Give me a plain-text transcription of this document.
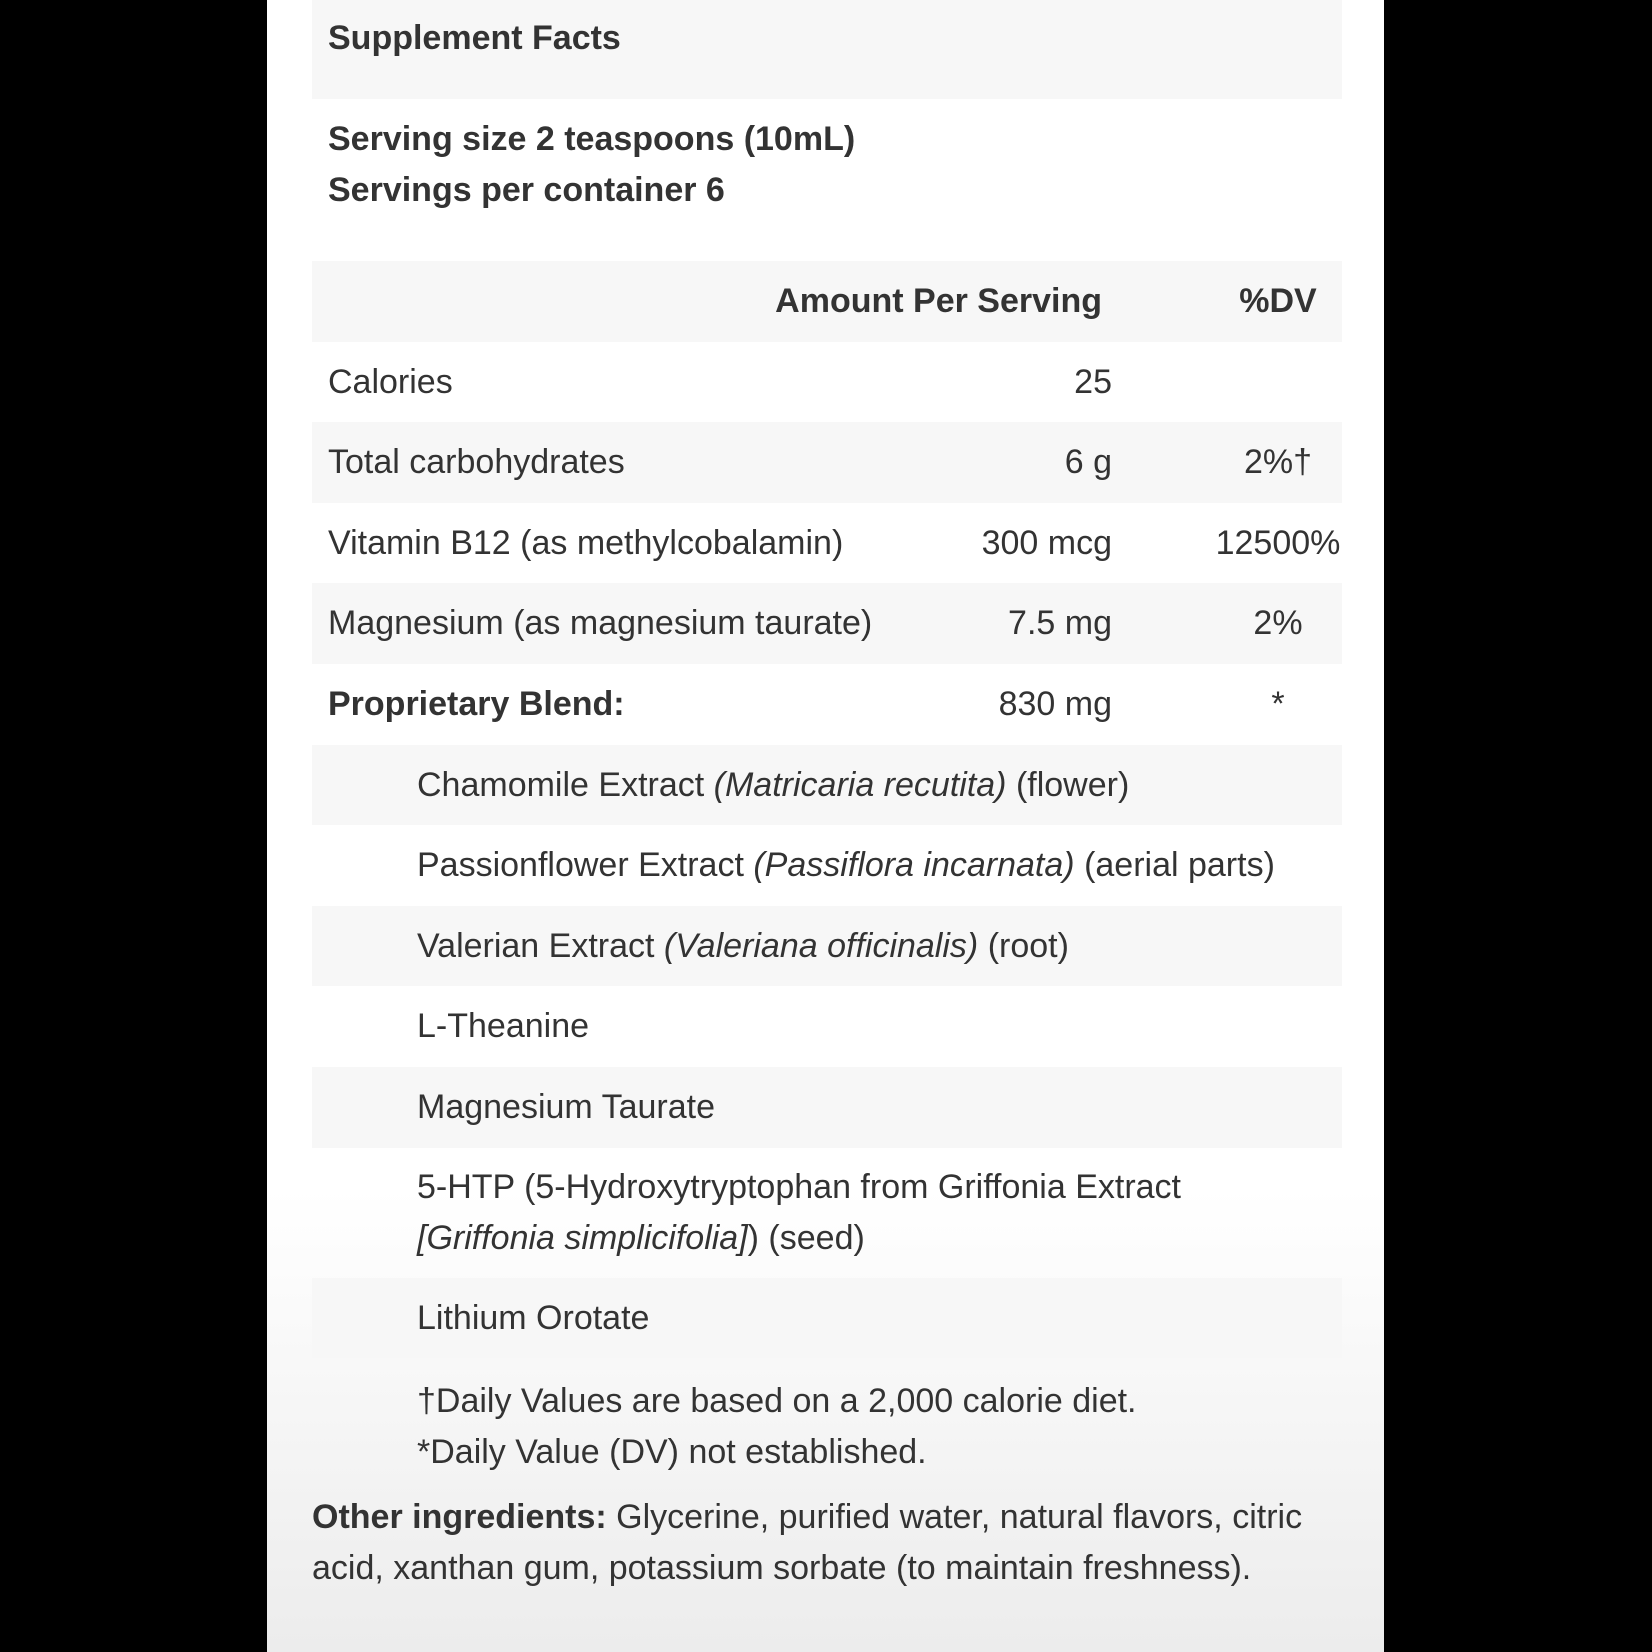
Supplement Facts
Serving size 2 teaspoons (10mL)
Servings per container 6
Amount Per Serving	%DV
Calories	25
Total carbohydrates	6 g	2%†
Vitamin B12 (as methylcobalamin)	300 mcg	12500%
Magnesium (as magnesium taurate)	7.5 mg	2%
Proprietary Blend:	830 mg	*
Chamomile Extract (Matricaria recutita) (flower)
Passionflower Extract (Passiflora incarnata) (aerial parts)
Valerian Extract (Valeriana officinalis) (root)
L-Theanine
Magnesium Taurate
5-HTP (5-Hydroxytryptophan from Griffonia Extract
[Griffonia simplicifolia]) (seed)
Lithium Orotate
†Daily Values are based on a 2,000 calorie diet.
*Daily Value (DV) not established.
Other ingredients: Glycerine, purified water, natural flavors, citric acid, xanthan gum, potassium sorbate (to maintain freshness).
